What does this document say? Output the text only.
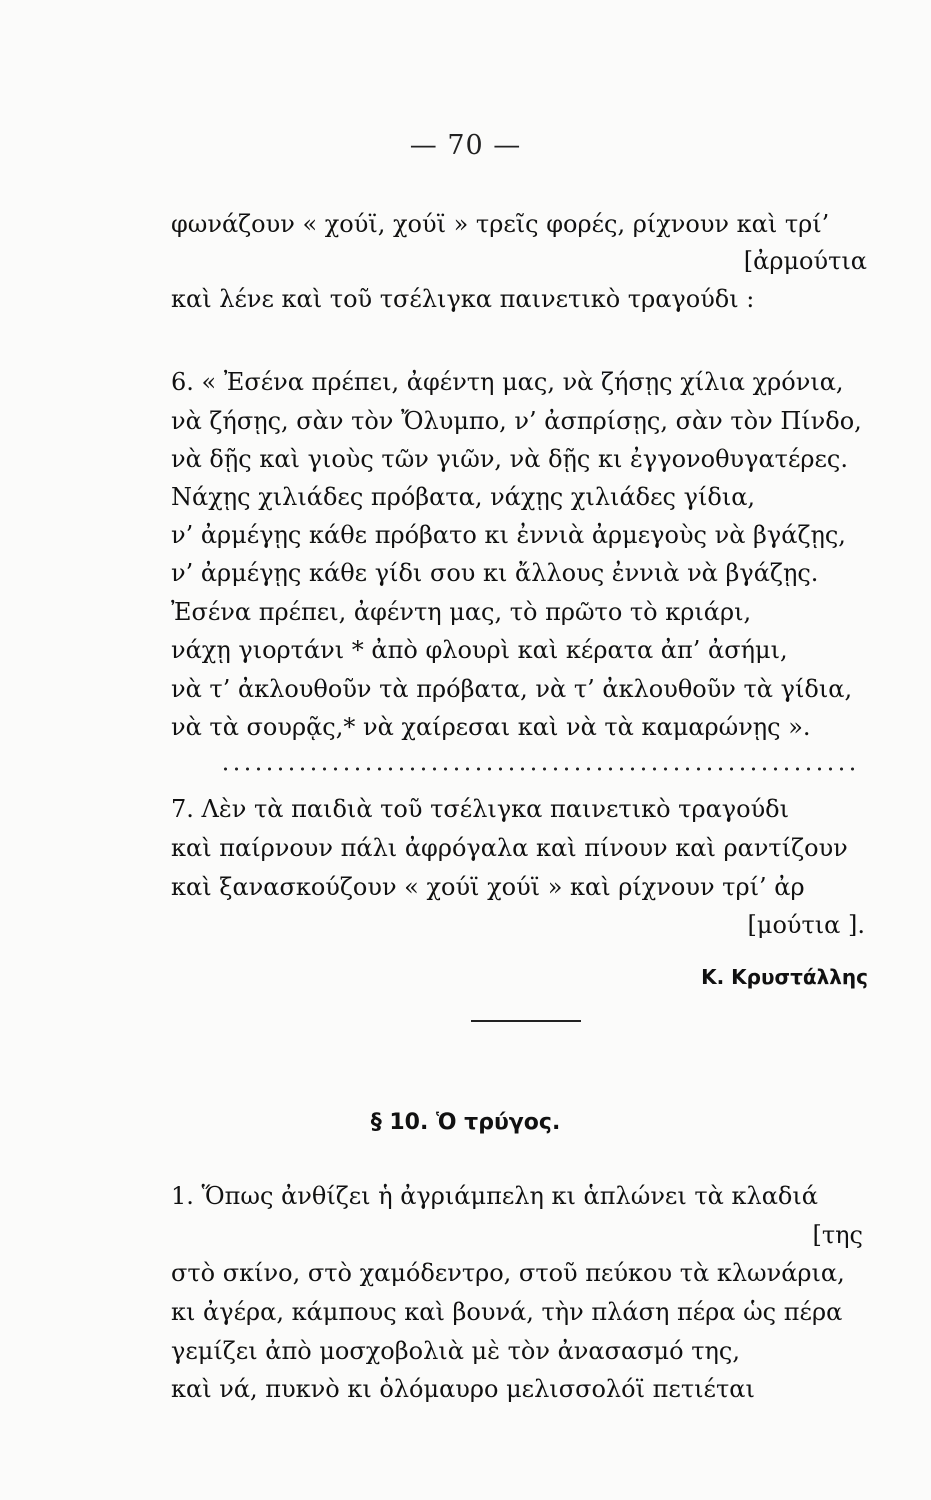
— 70 —
φωνάζουν « χούϊ, χούϊ » τρεῖς φορές, ρίχνουν καὶ τρί’
[ἀρμούτια
καὶ λένε καὶ τοῦ τσέλιγκα παινετικὸ τραγούδι :
6. « Ἐσένα πρέπει, ἀφέντη μας, νὰ ζήσῃς χίλια χρόνια,
νὰ ζήσῃς, σὰν τὸν Ὄλυμπο, ν’ ἀσπρίσῃς, σὰν τὸν Πίνδο,
νὰ δῇς καὶ γιοὺς τῶν γιῶν, νὰ δῇς κι ἐγγονοθυγατέρες.
Νάχῃς χιλιάδες πρόβατα, νάχῃς χιλιάδες γίδια,
ν’ ἀρμέγῃς κάθε πρόβατο κι ἐννιὰ ἀρμεγοὺς νὰ βγάζῃς,
ν’ ἀρμέγῃς κάθε γίδι σου κι ἄλλους ἐννιὰ νὰ βγάζῃς.
Ἐσένα πρέπει, ἀφέντη μας, τὸ πρῶτο τὸ κριάρι,
νάχῃ γιορτάνι * ἀπὸ φλουρὶ καὶ κέρατα ἀπ’ ἀσήμι,
νὰ τ’ ἀκλουθοῦν τὰ πρόβατα, νὰ τ’ ἀκλουθοῦν τὰ γίδια,
νὰ τὰ σουρᾷς,* νὰ χαίρεσαι καὶ νὰ τὰ καμαρώνῃς ».
7. Λὲν τὰ παιδιὰ τοῦ τσέλιγκα παινετικὸ τραγούδι
καὶ παίρνουν πάλι ἀφρόγαλα καὶ πίνουν καὶ ραντίζουν
καὶ ξανασκούζουν « χούϊ χούϊ » καὶ ρίχνουν τρί’ ἀρ
[μούτια ].
Κ. Κρυστάλλης
§ 10. Ὁ τρύγος.
1. Ὅπως ἀνθίζει ἡ ἀγριάμπελη κι ἁπλώνει τὰ κλαδιά
[της
στὸ σκίνο, στὸ χαμόδεντρο, στοῦ πεύκου τὰ κλωνάρια,
κι ἀγέρα, κάμπους καὶ βουνά, τὴν πλάση πέρα ὡς πέρα
γεμίζει ἀπὸ μοσχοβολιὰ μὲ τὸν ἀνασασμό της,
καὶ νά, πυκνὸ κι ὁλόμαυρο μελισσολόϊ πετιέται
